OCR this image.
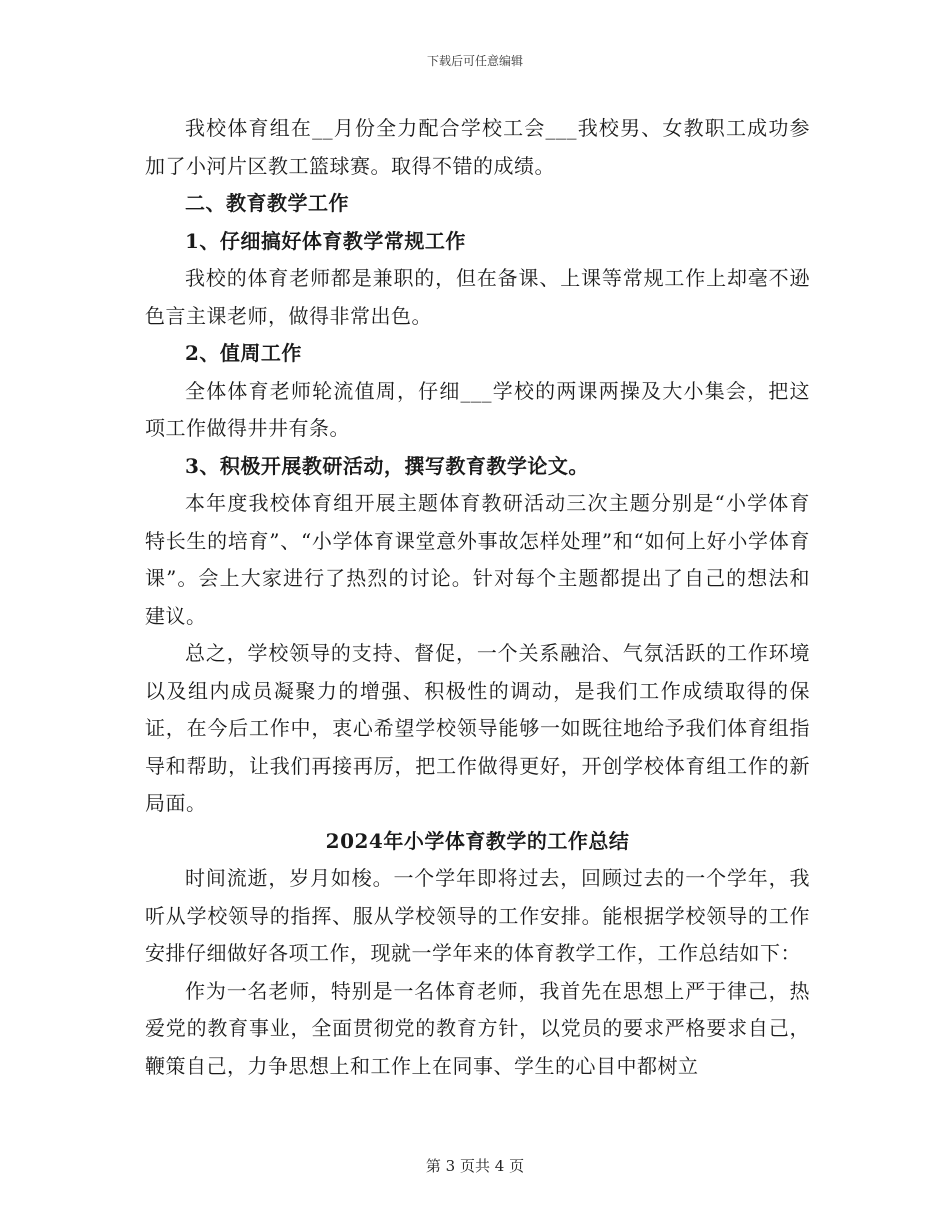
下载后可任意编辑

我校体育组在__月份全力配合学校工会___我校男、女教职工成功参加了小河片区教工篮球赛。取得不错的成绩。

二、教育教学工作

1、仔细搞好体育教学常规工作

我校的体育老师都是兼职的，但在备课、上课等常规工作上却毫不逊色言主课老师，做得非常出色。

2、值周工作

全体体育老师轮流值周，仔细___学校的两课两操及大小集会，把这项工作做得井井有条。

3、积极开展教研活动，撰写教育教学论文。

本年度我校体育组开展主题体育教研活动三次主题分别是“小学体育特长生的培育”、“小学体育课堂意外事故怎样处理”和“如何上好小学体育课”。会上大家进行了热烈的讨论。针对每个主题都提出了自己的想法和建议。

总之，学校领导的支持、督促，一个关系融洽、气氛活跃的工作环境以及组内成员凝聚力的增强、积极性的调动，是我们工作成绩取得的保证，在今后工作中，衷心希望学校领导能够一如既往地给予我们体育组指导和帮助，让我们再接再厉，把工作做得更好，开创学校体育组工作的新局面。

2024年小学体育教学的工作总结

时间流逝，岁月如梭。一个学年即将过去，回顾过去的一个学年，我听从学校领导的指挥、服从学校领导的工作安排。能根据学校领导的工作安排仔细做好各项工作，现就一学年来的体育教学工作，工作总结如下：

作为一名老师，特别是一名体育老师，我首先在思想上严于律己，热爱党的教育事业，全面贯彻党的教育方针，以党员的要求严格要求自己，鞭策自己，力争思想上和工作上在同事、学生的心目中都树立

第 3 页共 4 页
